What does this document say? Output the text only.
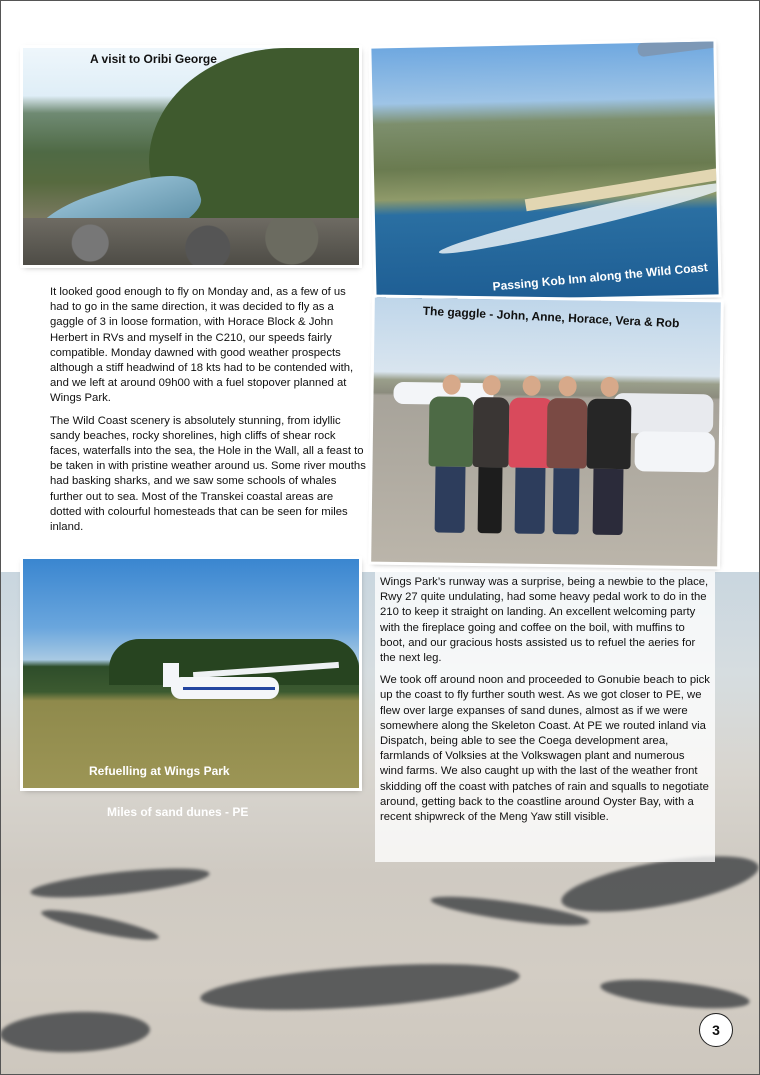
A visit to Oribi George
Passing Kob Inn along the Wild Coast
The gaggle - John, Anne, Horace, Vera & Rob

It looked good enough to fly on Monday and, as a few of us had to go in the same direction, it was decided to fly as a gaggle of 3 in loose formation, with Horace Block & John Herbert in RVs and myself in the C210, our speeds fairly compatible. Monday dawned with good weather prospects although a stiff headwind of 18 kts had to be contended with, and we left at around 09h00 with a fuel stopover planned at Wings Park.

The Wild Coast scenery is absolutely stunning, from idyllic sandy beaches, rocky shorelines, high cliffs of shear rock faces, waterfalls into the sea, the Hole in the Wall, all a feast to be taken in with pristine weather around us. Some river mouths had basking sharks, and we saw some schools of whales further out to sea. Most of the Transkei coastal areas are dotted with colourful homesteads that can be seen for miles inland.

Refuelling at Wings Park
Miles of sand dunes - PE

Wings Park’s runway was a surprise, being a newbie to the place, Rwy 27 quite undulating, had some heavy pedal work to do in the 210 to keep it straight on landing. An excellent welcoming party with the fireplace going and coffee on the boil, with muffins to boot, and our gracious hosts assisted us to refuel the aeries for the next leg.

We took off around noon and proceeded to Gonubie beach to pick up the coast to fly further south west. As we got closer to PE, we flew over large expanses of sand dunes, almost as if we were somewhere along the Skeleton Coast. At PE we routed inland via Dispatch, being able to see the Coega development area, farmlands of Volksies at the Volkswagen plant and numerous wind farms. We also caught up with the last of the weather front skidding off the coast with patches of rain and squalls to negotiate around, getting back to the coastline around Oyster Bay, with a recent shipwreck of the Meng Yaw still visible.

3
